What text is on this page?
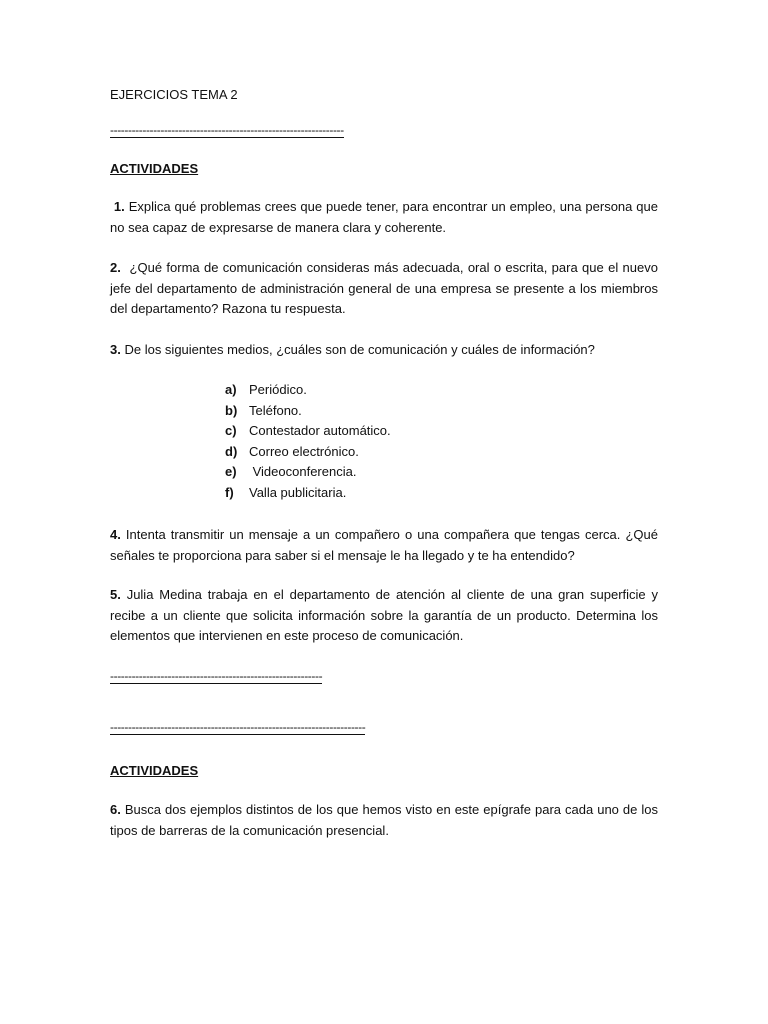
EJERCICIOS TEMA 2
-----------------------------------------------------------------
ACTIVIDADES
1. Explica qué problemas crees que puede tener, para encontrar un empleo, una persona que no sea capaz de expresarse de manera clara y coherente.
2. ¿Qué forma de comunicación consideras más adecuada, oral o escrita, para que el nuevo jefe del departamento de administración general de una empresa se presente a los miembros del departamento? Razona tu respuesta.
3. De los siguientes medios, ¿cuáles son de comunicación y cuáles de información?
a) Periódico.
b) Teléfono.
c) Contestador automático.
d) Correo electrónico.
e) Videoconferencia.
f) Valla publicitaria.
4. Intenta transmitir un mensaje a un compañero o una compañera que tengas cerca. ¿Qué señales te proporciona para saber si el mensaje le ha llegado y te ha entendido?
5. Julia Medina trabaja en el departamento de atención al cliente de una gran superficie y recibe a un cliente que solicita información sobre la garantía de un producto. Determina los elementos que intervienen en este proceso de comunicación.
-----------------------------------------------------------
-----------------------------------------------------------------------
ACTIVIDADES
6. Busca dos ejemplos distintos de los que hemos visto en este epígrafe para cada uno de los tipos de barreras de la comunicación presencial.
